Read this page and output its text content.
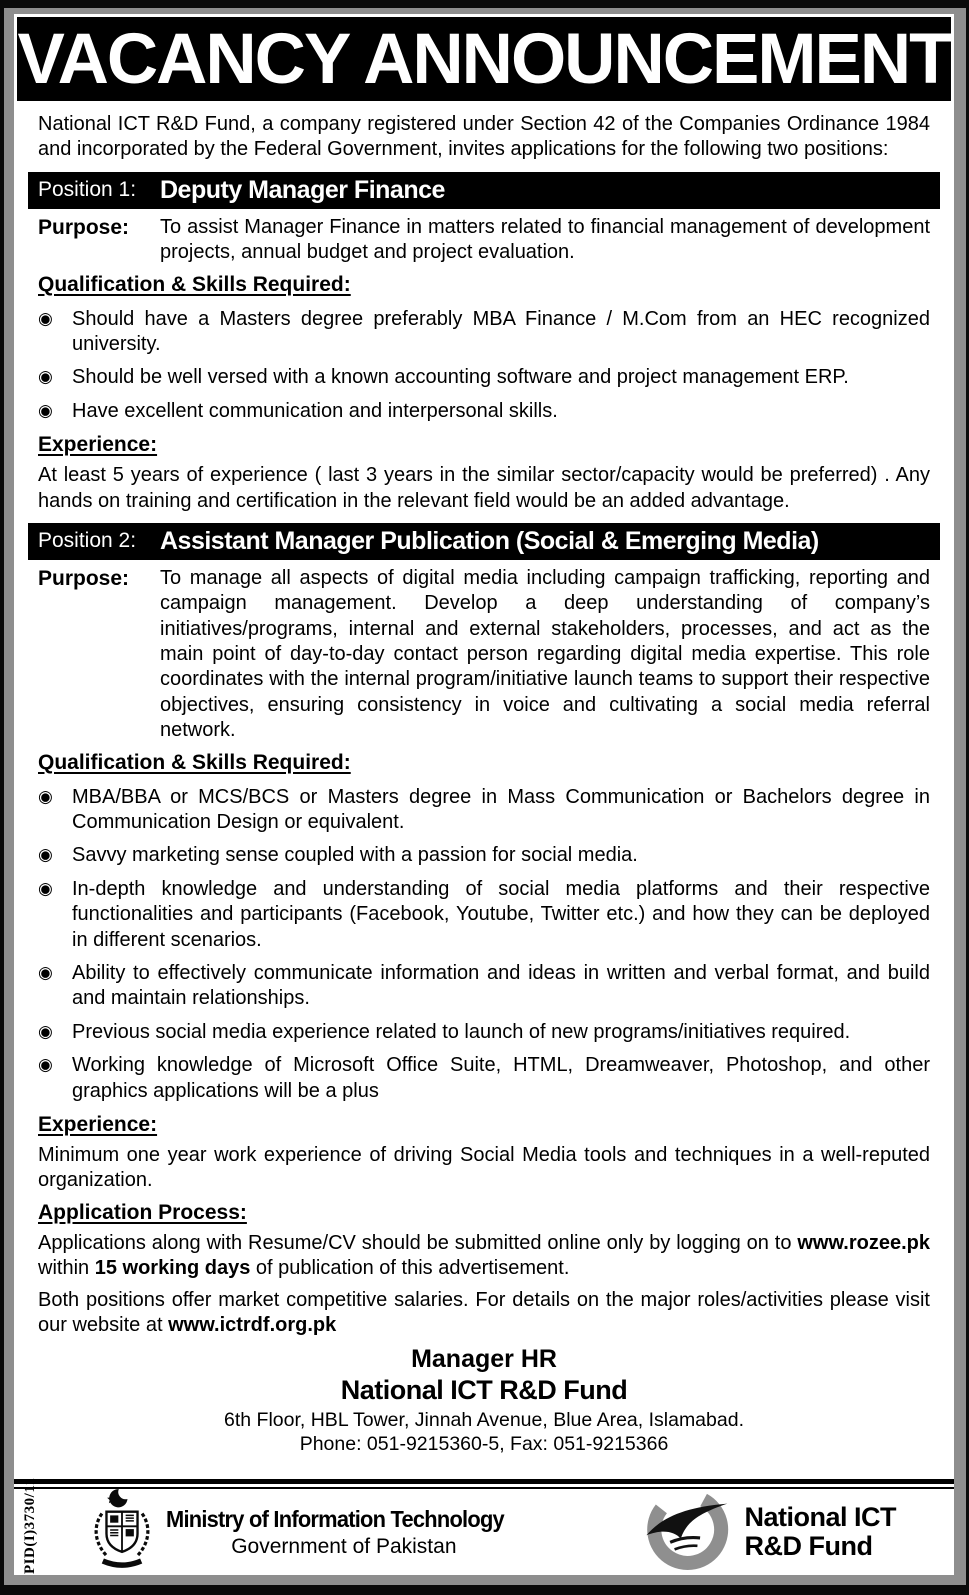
VACANCY ANNOUNCEMENT
National ICT R&D Fund, a company registered under Section 42 of the Companies Ordinance 1984 and incorporated by the Federal Government, invites applications for the following two positions:
Position 1: Deputy Manager Finance
Purpose:	To assist Manager Finance in matters related to financial management of development projects, annual budget and project evaluation.
Qualification & Skills Required:
◉ Should have a Masters degree preferably MBA Finance / M.Com from an HEC recognized university.
◉ Should be well versed with a known accounting software and project management ERP.
◉ Have excellent communication and interpersonal skills.
Experience:
At least 5 years of experience ( last 3 years in the similar sector/capacity would be preferred) . Any hands on training and certification in the relevant field would be an added advantage.
Position 2: Assistant Manager Publication (Social & Emerging Media)
Purpose:	To manage all aspects of digital media including campaign trafficking, reporting and campaign management. Develop a deep understanding of company’s initiatives/programs, internal and external stakeholders, processes, and act as the main point of day-to-day contact person regarding digital media expertise. This role coordinates with the internal program/initiative launch teams to support their respective objectives, ensuring consistency in voice and cultivating a social media referral network.
Qualification & Skills Required:
◉ MBA/BBA or MCS/BCS or Masters degree in Mass Communication or Bachelors degree in Communication Design or equivalent.
◉ Savvy marketing sense coupled with a passion for social media.
◉ In-depth knowledge and understanding of social media platforms and their respective functionalities and participants (Facebook, Youtube, Twitter etc.) and how they can be deployed in different scenarios.
◉ Ability to effectively communicate information and ideas in written and verbal format, and build and maintain relationships.
◉ Previous social media experience related to launch of new programs/initiatives required.
◉ Working knowledge of Microsoft Office Suite, HTML, Dreamweaver, Photoshop, and other graphics applications will be a plus
Experience:
Minimum one year work experience of driving Social Media tools and techniques in a well-reputed organization.
Application Process:
Applications along with Resume/CV should be submitted online only by logging on to www.rozee.pk within 15 working days of publication of this advertisement.
Both positions offer market competitive salaries. For details on the major roles/activities please visit our website at www.ictrdf.org.pk
Manager HR
National ICT R&D Fund
6th Floor, HBL Tower, Jinnah Avenue, Blue Area, Islamabad.
Phone: 051-9215360-5, Fax: 051-9215366
PID(I)3730/11	Ministry of Information Technology
Government of Pakistan
National ICT
R&D Fund
